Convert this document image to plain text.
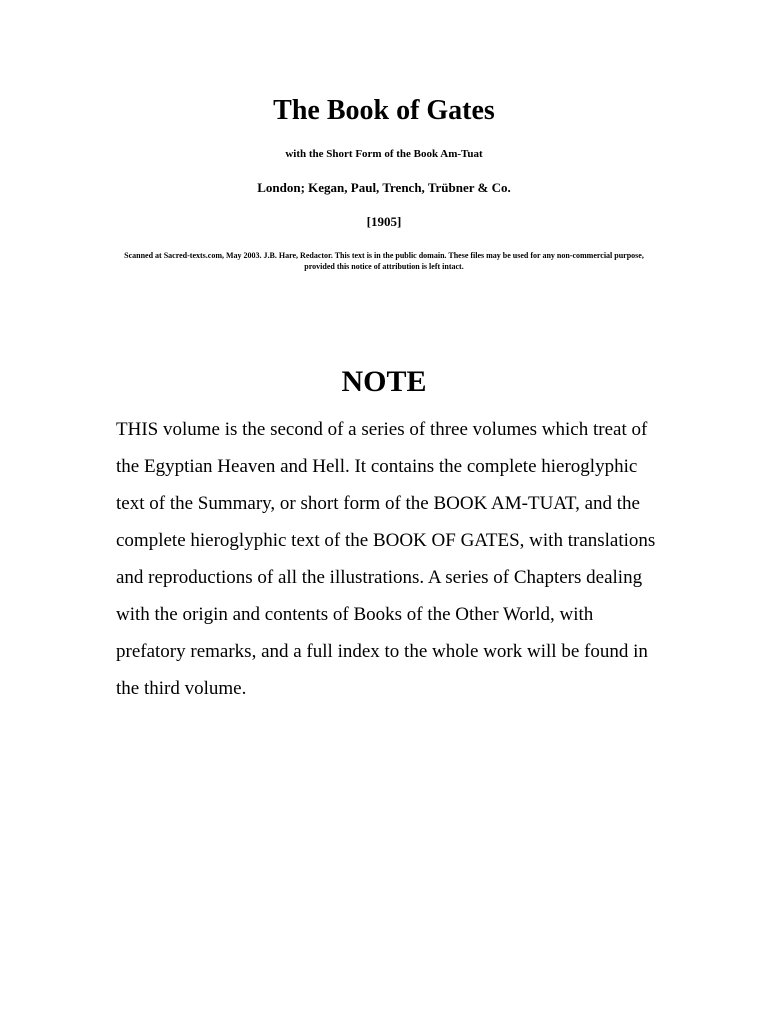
The Book of Gates
with the Short Form of the Book Am-Tuat
London; Kegan, Paul, Trench, Trübner & Co.
[1905]
Scanned at Sacred-texts.com, May 2003. J.B. Hare, Redactor. This text is in the public domain. These files may be used for any non-commercial purpose, provided this notice of attribution is left intact.
NOTE
THIS volume is the second of a series of three volumes which treat of the Egyptian Heaven and Hell. It contains the complete hieroglyphic text of the Summary, or short form of the BOOK AM-TUAT, and the complete hieroglyphic text of the BOOK OF GATES, with translations and reproductions of all the illustrations. A series of Chapters dealing with the origin and contents of Books of the Other World, with prefatory remarks, and a full index to the whole work will be found in the third volume.
